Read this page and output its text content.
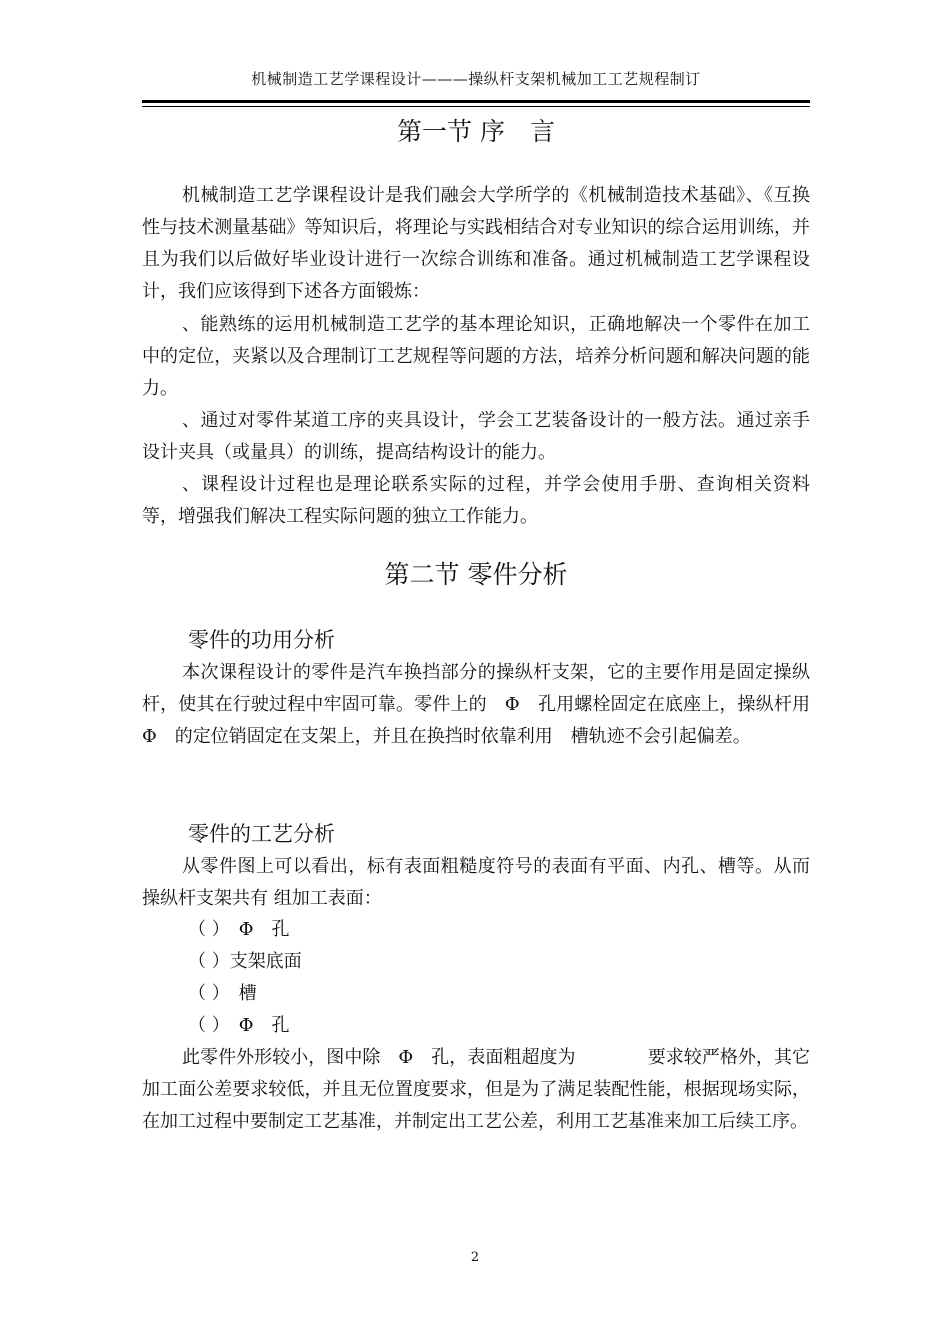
机械制造工艺学课程设计———操纵杆支架机械加工工艺规程制订
第一节 序　言

机械制造工艺学课程设计是我们融会大学所学的《机械制造技术基础》、《互换性与技术测量基础》等知识后，将理论与实践相结合对专业知识的综合运用训练，并且为我们以后做好毕业设计进行一次综合训练和准备。通过机械制造工艺学课程设计，我们应该得到下述各方面锻炼：

、能熟练的运用机械制造工艺学的基本理论知识，正确地解决一个零件在加工中的定位，夹紧以及合理制订工艺规程等问题的方法，培养分析问题和解决问题的能力。

、通过对零件某道工序的夹具设计，学会工艺装备设计的一般方法。通过亲手设计夹具（或量具）的训练，提高结构设计的能力。

、课程设计过程也是理论联系实际的过程，并学会使用手册、查询相关资料等，增强我们解决工程实际问题的独立工作能力。

第二节 零件分析
零件的功用分析

本次课程设计的零件是汽车换挡部分的操纵杆支架，它的主要作用是固定操纵杆，使其在行驶过程中牢固可靠。零件上的　Φ　孔用螺栓固定在底座上，操纵杆用Φ　的定位销固定在支架上，并且在换挡时依靠利用　槽轨迹不会引起偏差。

零件的工艺分析

从零件图上可以看出，标有表面粗糙度符号的表面有平面、内孔、槽等。从而操纵杆支架共有 组加工表面：

（ ）　Φ　孔
（ ）支架底面
（ ）　槽
（ ）　Φ　孔

此零件外形较小，图中除　Φ　孔，表面粗超度为　　　　要求较严格外，其它加工面公差要求较低，并且无位置度要求，但是为了满足装配性能，根据现场实际，在加工过程中要制定工艺基准，并制定出工艺公差，利用工艺基准来加工后续工序。

2
